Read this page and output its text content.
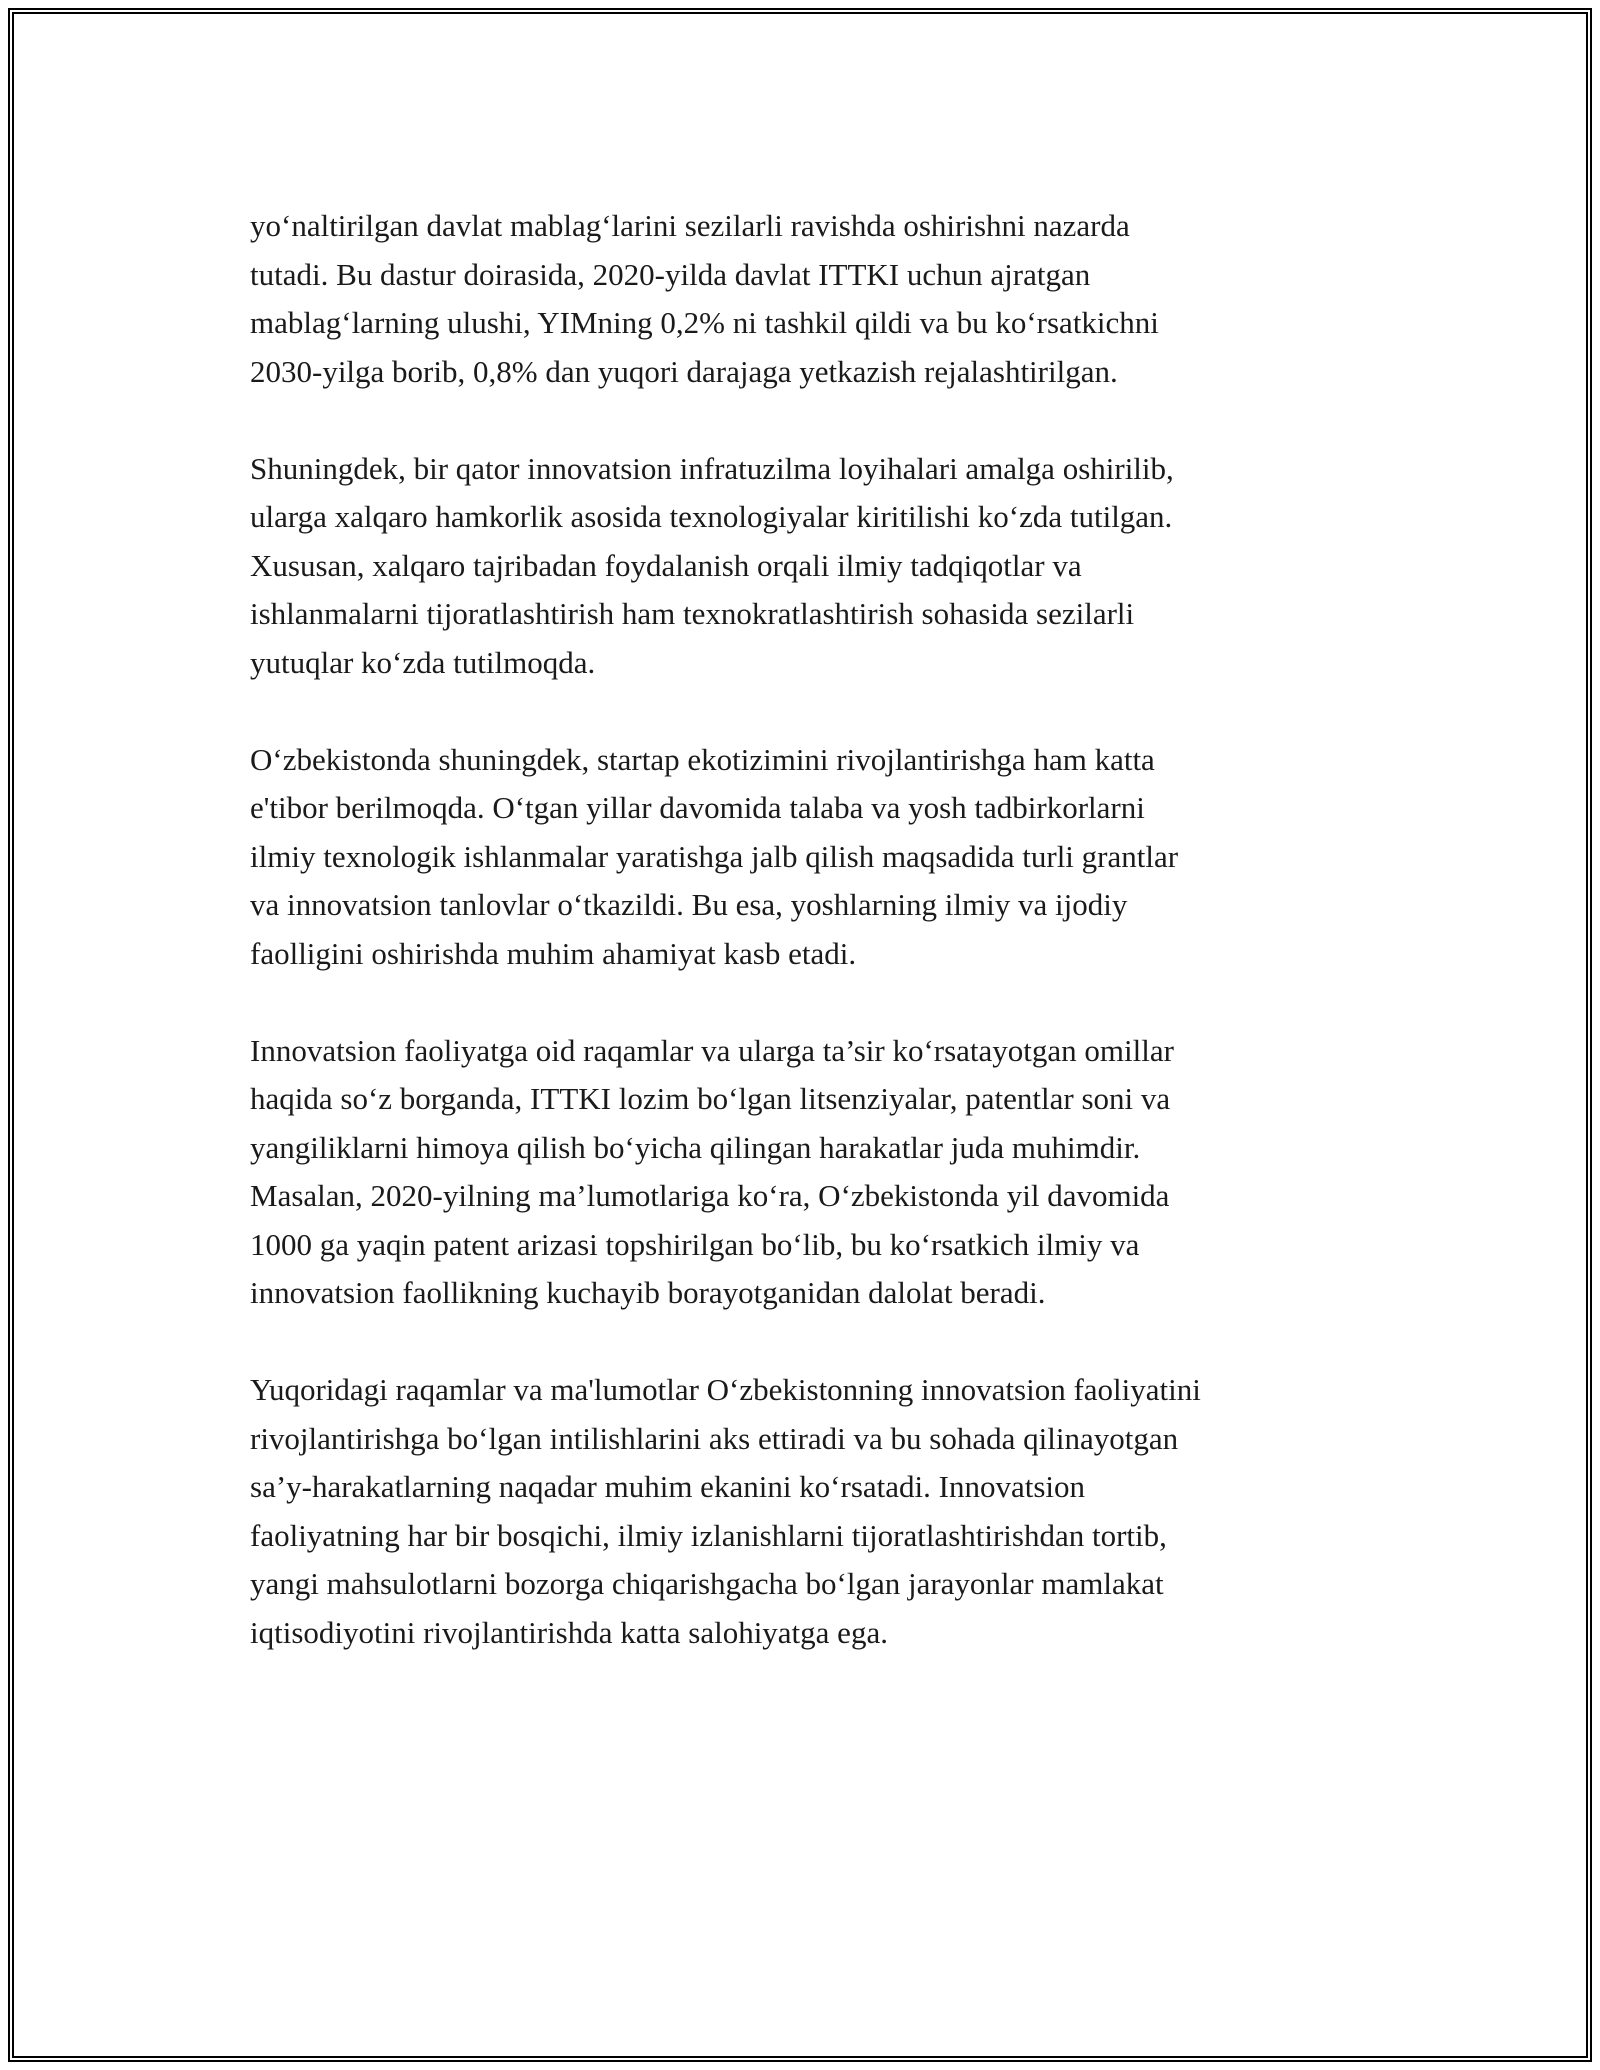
yo‘naltirilgan davlat mablag‘larini sezilarli ravishda oshirishni nazarda
tutadi. Bu dastur doirasida, 2020-yilda davlat ITTKI uchun ajratgan
mablag‘larning ulushi, YIMning 0,2% ni tashkil qildi va bu ko‘rsatkichni
2030-yilga borib, 0,8% dan yuqori darajaga yetkazish rejalashtirilgan.

Shuningdek, bir qator innovatsion infratuzilma loyihalari amalga oshirilib,
ularga xalqaro hamkorlik asosida texnologiyalar kiritilishi ko‘zda tutilgan.
Xususan, xalqaro tajribadan foydalanish orqali ilmiy tadqiqotlar va
ishlanmalarni tijoratlashtirish ham texnokratlashtirish sohasida sezilarli
yutuqlar ko‘zda tutilmoqda.

O‘zbekistonda shuningdek, startap ekotizimini rivojlantirishga ham katta
e'tibor berilmoqda. O‘tgan yillar davomida talaba va yosh tadbirkorlarni
ilmiy texnologik ishlanmalar yaratishga jalb qilish maqsadida turli grantlar
va innovatsion tanlovlar o‘tkazildi. Bu esa, yoshlarning ilmiy va ijodiy
faolligini oshirishda muhim ahamiyat kasb etadi.

Innovatsion faoliyatga oid raqamlar va ularga ta’sir ko‘rsatayotgan omillar
haqida so‘z borganda, ITTKI lozim bo‘lgan litsenziyalar, patentlar soni va
yangiliklarni himoya qilish bo‘yicha qilingan harakatlar juda muhimdir.
Masalan, 2020-yilning ma’lumotlariga ko‘ra, O‘zbekistonda yil davomida
1000 ga yaqin patent arizasi topshirilgan bo‘lib, bu ko‘rsatkich ilmiy va
innovatsion faollikning kuchayib borayotganidan dalolat beradi.

Yuqoridagi raqamlar va ma'lumotlar O‘zbekistonning innovatsion faoliyatini
rivojlantirishga bo‘lgan intilishlarini aks ettiradi va bu sohada qilinayotgan
sa’y-harakatlarning naqadar muhim ekanini ko‘rsatadi. Innovatsion
faoliyatning har bir bosqichi, ilmiy izlanishlarni tijoratlashtirishdan tortib,
yangi mahsulotlarni bozorga chiqarishgacha bo‘lgan jarayonlar mamlakat
iqtisodiyotini rivojlantirishda katta salohiyatga ega.
